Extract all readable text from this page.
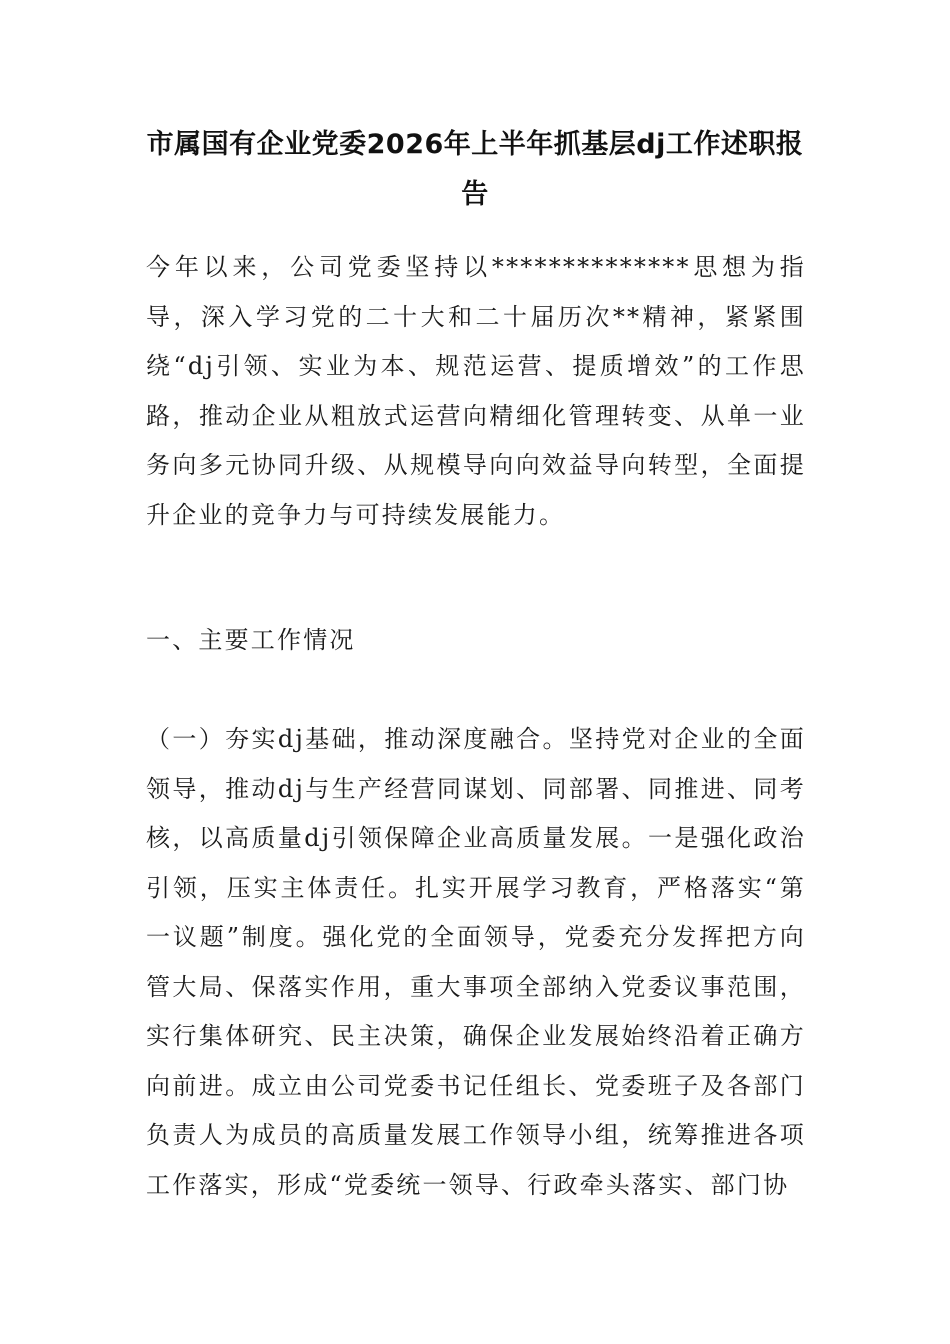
市属国有企业党委2026年上半年抓基层dj工作述职报告

今年以来，公司党委坚持以**************思想为指导，深入学习党的二十大和二十届历次**精神，紧紧围绕“dj引领、实业为本、规范运营、提质增效”的工作思路，推动企业从粗放式运营向精细化管理转变、从单一业务向多元协同升级、从规模导向向效益导向转型，全面提升企业的竞争力与可持续发展能力。

一、主要工作情况

（一）夯实dj基础，推动深度融合。坚持党对企业的全面领导，推动dj与生产经营同谋划、同部署、同推进、同考核，以高质量dj引领保障企业高质量发展。一是强化政治引领，压实主体责任。扎实开展学习教育，严格落实“第一议题”制度。强化党的全面领导，党委充分发挥把方向管大局、保落实作用，重大事项全部纳入党委议事范围，实行集体研究、民主决策，确保企业发展始终沿着正确方向前进。成立由公司党委书记任组长、党委班子及各部门负责人为成员的高质量发展工作领导小组，统筹推进各项工作落实，形成“党委统一领导、行政牵头落实、部门协
